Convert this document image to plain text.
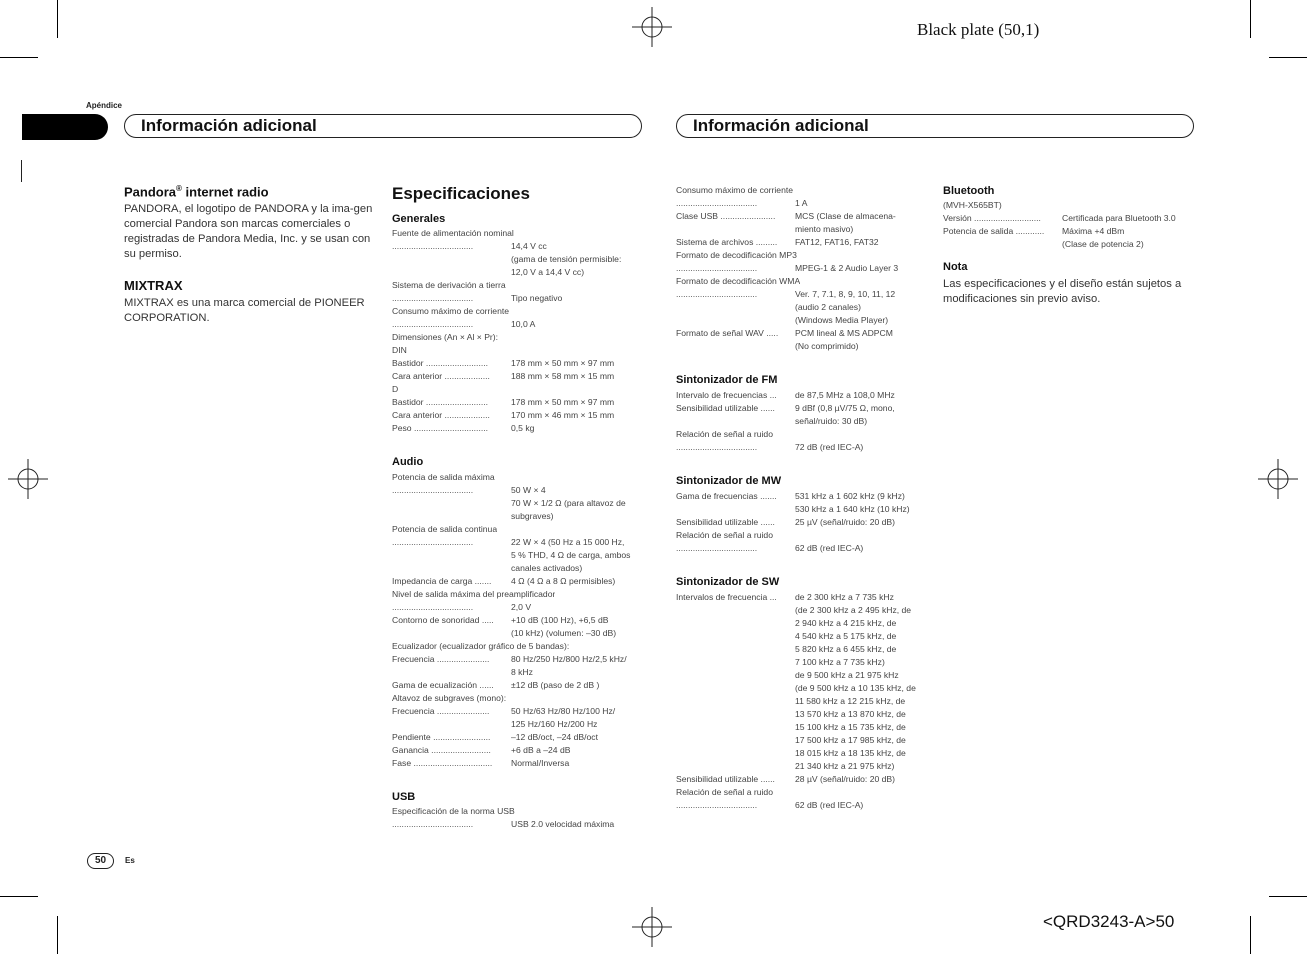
Black plate (50,1)
<QRD3243-A>50
Apéndice
Información adicional	Información adicional
Pandora® internet radio
PANDORA, el logotipo de PANDORA y la ima-gen comercial Pandora son marcas comerciales o registradas de Pandora Media, Inc. y se usan con su permiso.
MIXTRAX
MIXTRAX es una marca comercial de PIONEER CORPORATION.
Especificaciones
Generales
Fuente de alimentación nominal
..................................	14,4 V cc
(gama de tensión permisible:
12,0 V a 14,4 V cc)
Sistema de derivación a tierra
..................................	Tipo negativo
Consumo máximo de corriente
..................................	10,0 A
Dimensiones (An × Al × Pr):
DIN
Bastidor ..........................	178 mm × 50 mm × 97 mm
Cara anterior ...................	188 mm × 58 mm × 15 mm
D
Bastidor ..........................	178 mm × 50 mm × 97 mm
Cara anterior ...................	170 mm × 46 mm × 15 mm
Peso ...............................	0,5 kg
Audio
Potencia de salida máxima
..................................	50 W × 4
70 W × 1/2 Ω (para altavoz de
subgraves)
Potencia de salida continua
..................................	22 W × 4 (50 Hz a 15 000 Hz,
5 % THD, 4 Ω de carga, ambos
canales activados)
Impedancia de carga .......	4 Ω (4 Ω a 8 Ω permisibles)
Nivel de salida máxima del preamplificador
..................................	2,0 V
Contorno de sonoridad .....	+10 dB (100 Hz), +6,5 dB
(10 kHz) (volumen: –30 dB)
Ecualizador (ecualizador gráfico de 5 bandas):
Frecuencia ......................	80 Hz/250 Hz/800 Hz/2,5 kHz/
8 kHz
Gama de ecualización ......	±12 dB (paso de 2 dB )
Altavoz de subgraves (mono):
Frecuencia ......................	50 Hz/63 Hz/80 Hz/100 Hz/
125 Hz/160 Hz/200 Hz
Pendiente ........................	–12 dB/oct, –24 dB/oct
Ganancia .........................	+6 dB a –24 dB
Fase .................................	Normal/Inversa
USB
Especificación de la norma USB
..................................	USB 2.0 velocidad máxima
Consumo máximo de corriente
..................................	1 A
Clase USB .......................	MCS (Clase de almacena-
miento masivo)
Sistema de archivos .........	FAT12, FAT16, FAT32
Formato de decodificación MP3
..................................	MPEG-1 & 2 Audio Layer 3
Formato de decodificación WMA
..................................	Ver. 7, 7.1, 8, 9, 10, 11, 12
(audio 2 canales)
(Windows Media Player)
Formato de señal WAV .....	PCM lineal & MS ADPCM
(No comprimido)
Sintonizador de FM
Intervalo de frecuencias ...	de 87,5 MHz a 108,0 MHz
Sensibilidad utilizable ......	9 dBf (0,8 µV/75 Ω, mono,
señal/ruido: 30 dB)
Relación de señal a ruido
..................................	72 dB (red IEC-A)
Sintonizador de MW
Gama de frecuencias .......	531 kHz a 1 602 kHz (9 kHz)
530 kHz a 1 640 kHz (10 kHz)
Sensibilidad utilizable ......	25 µV (señal/ruido: 20 dB)
Relación de señal a ruido
..................................	62 dB (red IEC-A)
Sintonizador de SW
Intervalos de frecuencia ...	de 2 300 kHz a 7 735 kHz
(de 2 300 kHz a 2 495 kHz, de
2 940 kHz a 4 215 kHz, de
4 540 kHz a 5 175 kHz, de
5 820 kHz a 6 455 kHz, de
7 100 kHz a 7 735 kHz)
de 9 500 kHz a 21 975 kHz
(de 9 500 kHz a 10 135 kHz, de
11 580 kHz a 12 215 kHz, de
13 570 kHz a 13 870 kHz, de
15 100 kHz a 15 735 kHz, de
17 500 kHz a 17 985 kHz, de
18 015 kHz a 18 135 kHz, de
21 340 kHz a 21 975 kHz)
Sensibilidad utilizable ......	28 µV (señal/ruido: 20 dB)
Relación de señal a ruido
..................................	62 dB (red IEC-A)
Bluetooth
(MVH-X565BT)
Versión ............................	Certificada para Bluetooth 3.0
Potencia de salida ............	Máxima +4 dBm
(Clase de potencia 2)
Nota
Las especificaciones y el diseño están sujetos a modificaciones sin previo aviso.
50	Es
